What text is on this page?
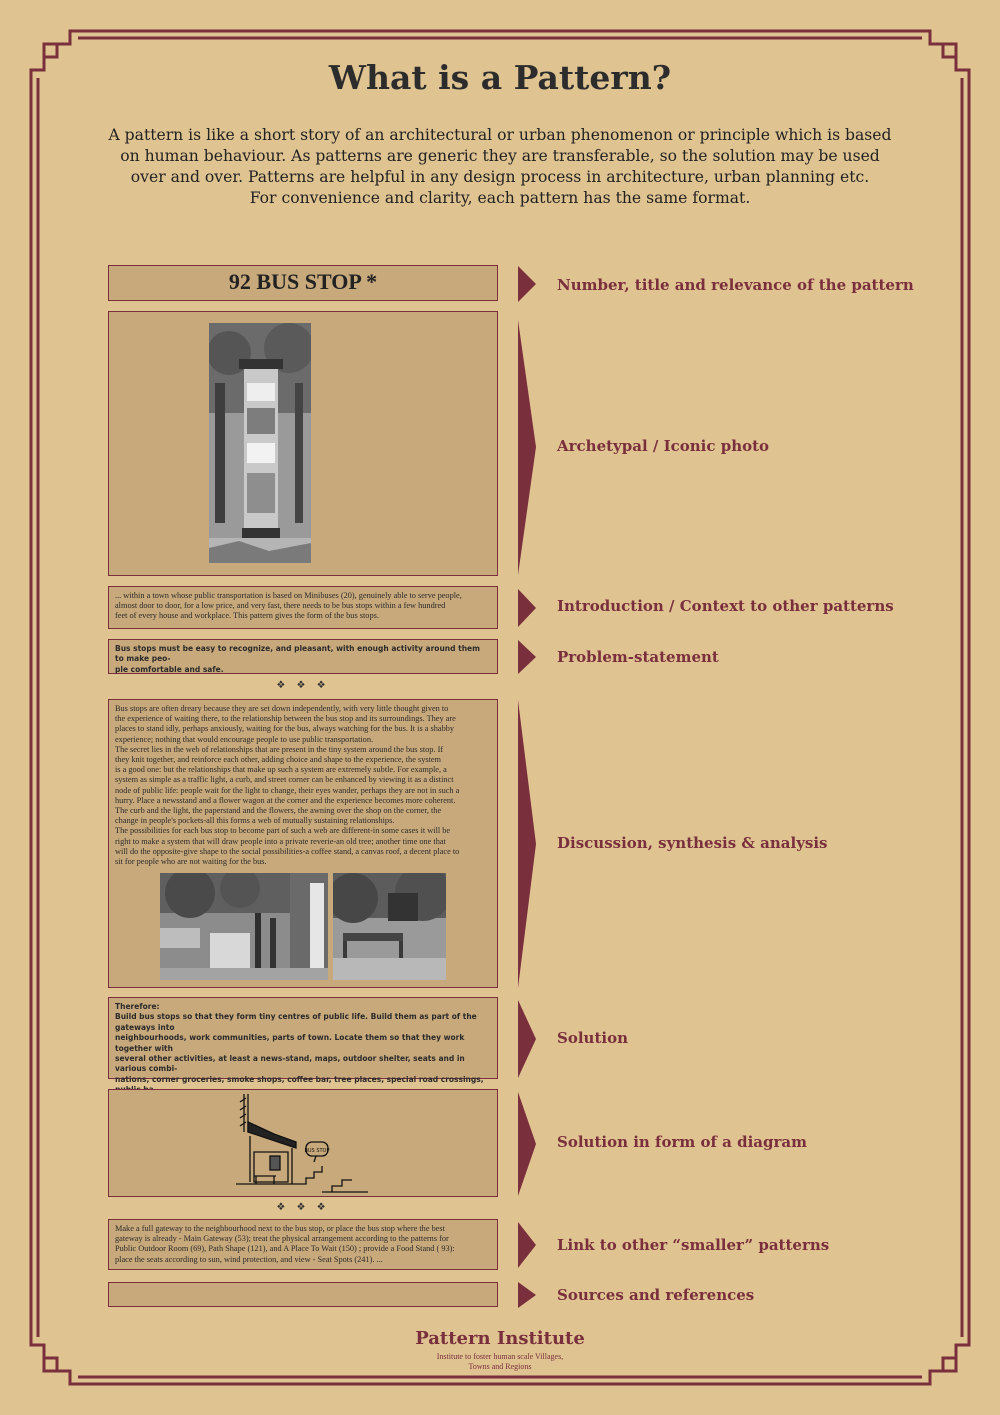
What is a Pattern?
A pattern is like a short story of an architectural or urban phenomenon or principle which is based
on human behaviour. As patterns are generic they are transferable, so the solution may be used
over and over. Patterns are helpful in any design process in architecture, urban planning etc.
For convenience and clarity, each pattern has the same format.
92 BUS STOP *	Number, title and relevance of the pattern
Archetypal / Iconic photo
... within a town whose public transportation is based on Minibuses (20), genuinely able to serve people,
almost door to door, for a low price, and very fast, there needs to be bus stops within a few hundred
feet of every house and workplace. This pattern gives the form of the bus stops.
Introduction / Context to other patterns
Bus stops must be easy to recognize, and pleasant, with enough activity around them to make peo-
ple comfortable and safe.
Problem-statement
❖ ❖ ❖
Bus stops are often dreary because they are set down independently, with very little thought given to
the experience of waiting there, to the relationship between the bus stop and its surroundings. They are
places to stand idly, perhaps anxiously, waiting for the bus, always watching for the bus. It is a shabby
experience; nothing that would encourage people to use public transportation.
The secret lies in the web of relationships that are present in the tiny system around the bus stop. If
they knit together, and reinforce each other, adding choice and shape to the experience, the system
is a good one: but the relationships that make up such a system are extremely subtle. For example, a
system as simple as a traffic light, a curb, and street corner can be enhanced by viewing it as a distinct
node of public life: people wait for the light to change, their eyes wander, perhaps they are not in such a
hurry. Place a newsstand and a flower wagon at the corner and the experience becomes more coherent.
The curb and the light, the paperstand and the flowers, the awning over the shop on the corner, the
change in people's pockets-all this forms a web of mutually sustaining relationships.
The possibilities for each bus stop to become part of such a web are different-in some cases it will be
right to make a system that will draw people into a private reverie-an old tree; another time one that
will do the opposite-give shape to the social possibilities-a coffee stand, a canvas roof, a decent place to
sit for people who are not waiting for the bus.
Discussion, synthesis & analysis
Therefore:
Build bus stops so that they form tiny centres of public life. Build them as part of the gateways into
neighbourhoods, work communities, parts of town. Locate them so that they work together with
several other activities, at least a news-stand, maps, outdoor shelter, seats and in various combi-
nations, corner groceries, smoke shops, coffee bar, tree places, special road crossings,
Solution
BUS STOP	Solution in form of a diagram
❖ ❖ ❖
Make a full gateway to the neighbourhood next to the bus stop, or place the bus stop where the best
gateway is already - Main Gateway (53); treat the physical arrangement according to the patterns for
Public Outdoor Room (69), Path Shape (121), and A Place To Wait (150) ; provide a Food Stand ( 93):
place the seats according to sun, wind protection, and view - Seat Spots (241). ...
Link to other “smaller” patterns
Sources and references
Pattern Institute
Institute to foster human scale Villages,
Towns and Regions
